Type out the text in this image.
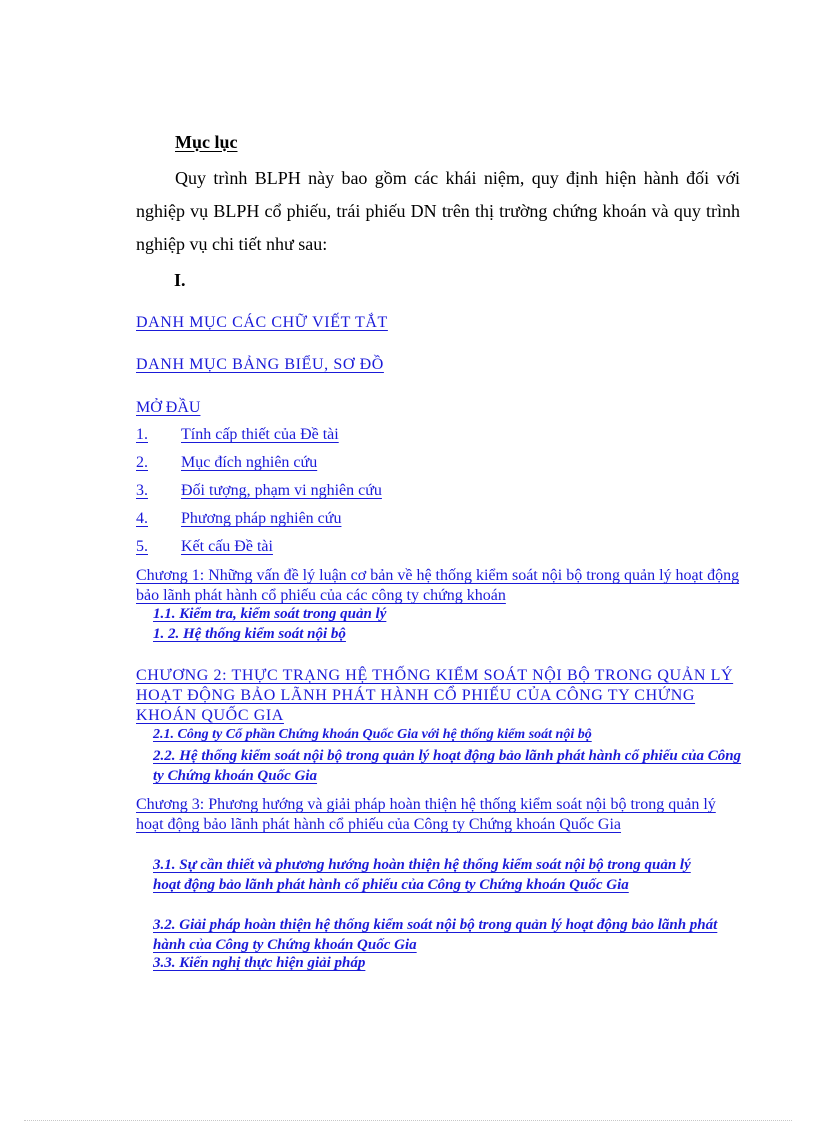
Mục lục
Quy trình BLPH này bao gồm các khái niệm, quy định hiện hành đối với nghiệp vụ BLPH cổ phiếu, trái phiếu DN trên thị trường chứng khoán và quy trình nghiệp vụ chi tiết như sau:
I.
DANH MỤC CÁC CHỮ VIẾT TẮT
DANH MỤC BẢNG BIỂU, SƠ ĐỒ
MỞ ĐẦU
1. Tính cấp thiết của Đề tài
2. Mục đích nghiên cứu
3. Đối tượng, phạm vi nghiên cứu
4. Phương pháp nghiên cứu
5. Kết cấu Đề tài
Chương 1: Những vấn đề lý luận cơ bản về hệ thống kiểm soát nội bộ trong quản lý hoạt động bảo lãnh phát hành cổ phiếu của các công ty chứng khoán
1.1. Kiểm tra, kiểm soát trong quản lý
1. 2. Hệ thống kiểm soát nội bộ
CHƯƠNG 2: THỰC TRẠNG HỆ THỐNG KIỂM SOÁT NỘI BỘ TRONG QUẢN LÝ HOẠT ĐỘNG BẢO LÃNH PHÁT HÀNH CỔ PHIẾU CỦA CÔNG TY CHỨNG KHOÁN QUỐC GIA
2.1. Công ty Cổ phần Chứng khoán Quốc Gia với hệ thống kiểm soát nội bộ
2.2. Hệ thống kiểm soát nội bộ trong quản lý hoạt động bảo lãnh phát hành cổ phiếu của Công ty Chứng khoán Quốc Gia
Chương 3: Phương hướng và giải pháp hoàn thiện hệ thống kiểm soát nội bộ trong quản lý hoạt động bảo lãnh phát hành cổ phiếu của Công ty Chứng khoán Quốc Gia
3.1. Sự cần thiết và phương hướng hoàn thiện hệ thống kiểm soát nội bộ trong quản lý hoạt động bảo lãnh phát hành cổ phiếu của Công ty Chứng khoán Quốc Gia
3.2. Giải pháp hoàn thiện hệ thống kiểm soát nội bộ trong quản lý hoạt động bảo lãnh phát hành của Công ty Chứng khoán Quốc Gia
3.3. Kiến nghị thực hiện giải pháp
